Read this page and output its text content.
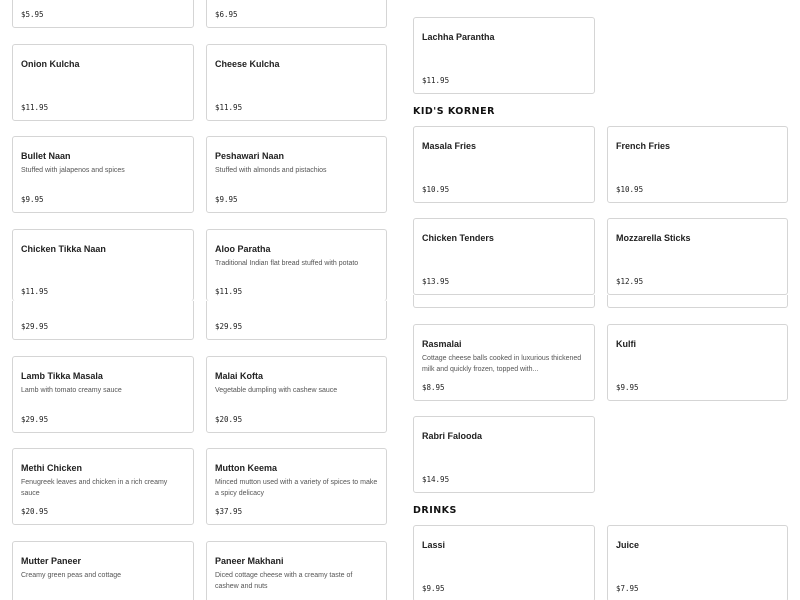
$5.95	$6.95
Onion Kulcha
$11.95
Cheese Kulcha
$11.95
Bullet Naan
Stuffed with jalapenos and spices
$9.95
Peshawari Naan
Stuffed with almonds and pistachios
$9.95
Chicken Tikka Naan
$11.95
Aloo Paratha
Traditional Indian flat bread stuffed with potato
$11.95
$29.95	$29.95
Lamb Tikka Masala
Lamb with tomato creamy sauce
$29.95
Malai Kofta
Vegetable dumpling with cashew sauce
$20.95
Methi Chicken
Fenugreek leaves and chicken in a rich creamy sauce
$20.95
Mutton Keema
Minced mutton used with a variety of spices to make a spicy delicacy
$37.95
Mutter Paneer
Creamy green peas and cottage
Paneer Makhani
Diced cottage cheese with a creamy taste of cashew and nuts
Lachha Parantha
$11.95
KID'S KORNER
Masala Fries
$10.95
French Fries
$10.95
Chicken Tenders
$13.95
Mozzarella Sticks
$12.95
Rasmalai
Cottage cheese balls cooked in luxurious thickened milk and quickly frozen, topped with...
$8.95
Kulfi
$9.95
Rabri Falooda
$14.95
DRINKS
Lassi
$9.95
Juice
$7.95
